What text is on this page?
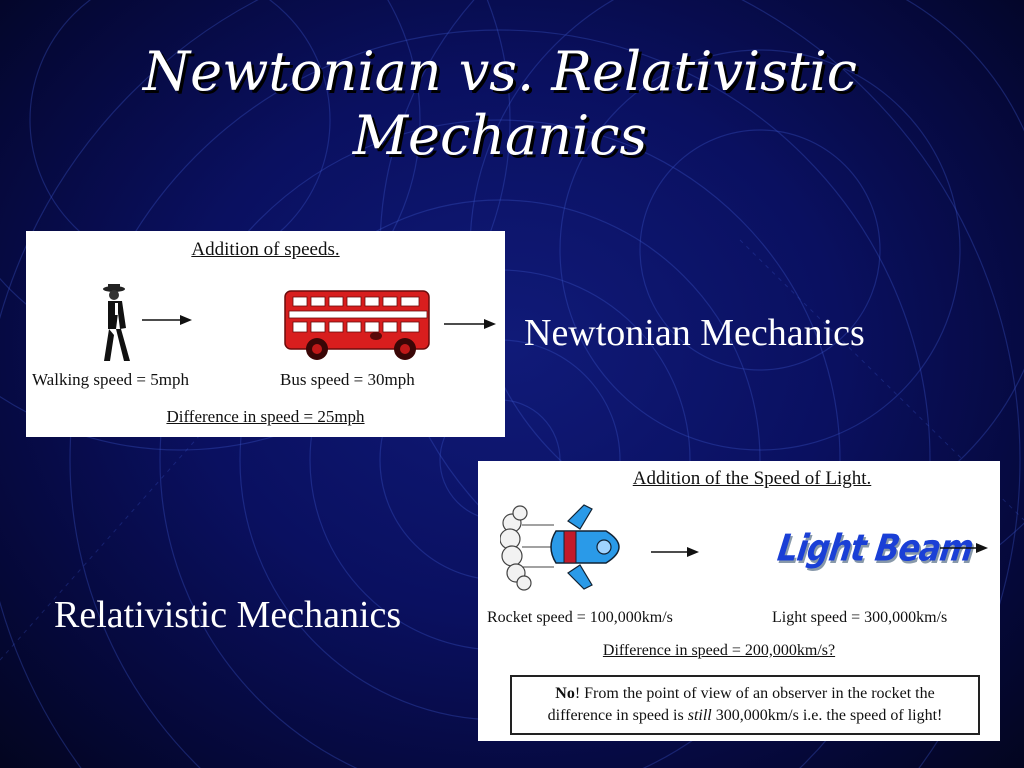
Newtonian vs. Relativistic
Mechanics
Addition of speeds.
Walking speed = 5mph	Bus speed = 30mph
Difference in speed = 25mph
Newtonian Mechanics
Addition of the Speed of Light.
Light Beam
Rocket speed = 100,000km/s	Light speed = 300,000km/s
Difference in speed = 200,000km/s?
No! From the point of view of an observer in the rocket the
difference in speed is still 300,000km/s i.e. the speed of light!
Relativistic Mechanics
